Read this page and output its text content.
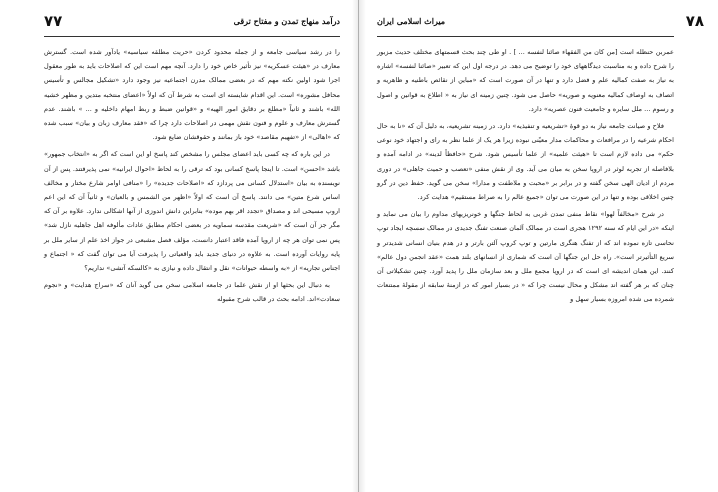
درآمد منهاج تمدن و مفتاح ترقی
۷۷

را در رشد سیاسی جامعه و از جمله محدود کردن «حریت مطلقه سیاسیه» یادآور شده است. گسترش معارف در «هیئت عسکریه» نیز تأثیر خاص خود را دارد. آنچه مهم است این که اصلاحات باید به طور معقول اجرا شود اولین نکته مهم که در بعضی ممالک مدرن اجتماعیه نیز وجود دارد «تشکیل مجالس و تأسیس محافل مشوره» است. این اقدام شایسته ای است به شرط آن که اولاً «اعضای منتخبه متدین و مظهر خشیه الله» باشند و ثانیاً «مطلع بر دقایق امور الهیه» و «قوانین ضبط و ربط امهام داخلیه و ... » باشند. عدم گسترش معارف و علوم و فنون نقش مهمی در اصلاحات دارد چرا که «فقد معارف زبان و بیان» سبب شده که «اهالی» از «تفهیم مقاصد» خود باز بمانند و حقوقشان ضایع شود.

در این باره که چه کسی باید اعضای مجلس را مشخص کند پاسخ او این است که اگر به «انتخاب جمهور» باشد «احسن» است. تا اینجا پاسخ کسانی بود که ترقی را به لحاظ «احوال ایرانیه» نمی پذیرفتند. پس از آن نویسنده به بیان «استدلال کسانی می پردازد که «اصلاحات جدیده» را «منافی اوامر شارع مختار و مخالف اساس شرع متین» می دانند. پاسخ آن است که اولاً «اظهر من الشمس و بالعیان» و ثانیاً آن که این اعم اروپ مسیحی اند و مصداق «تجدد اقر بهم موده» بنابراین دانش اندوزی از آنها اشکالی ندارد. علاوه بر آن که مگر جز آن است که «شریعت مقدسه سماویه در بعضی احکام مطابق عادات مألوفه اهل جاهلیه نازل شد» پس نمی توان هر چه از اروپا آمده فاقد اعتبار دانست، مؤلف فصل مشبعی در جواز اخذ علم از سایر ملل بر پایه روایات آورده است. به علاوه در دنیای جدید باید واقعیاتی را پذیرفت آیا می توان گفت که « اجتماع و اجناس تجاریه» از «به واسطه حیوانات» نقل و انتقال داده و نیازی به «کالسکه آتشی» نداریم؟

به دنبال این بحثها او از نقش علما در جامعه اسلامی سخن می گوید آنان که «سراج هدایت» و «نجوم سعادت»اند. ادامه بحث در قالب شرح مقبوله

میراث اسلامی ایران	۷۸

عمربن حنظله است [من کان من الفقهاء صائنا لنفسه ... ] . او طی چند بحث قسمتهای مختلف حدیث مزبور را شرح داده و به مناسبت دیدگاههای خود را توضیح می دهد. در درجه اول این که تعبیر «صائنا لنفسه» اشاره به نیاز به صفت کمالیه علم و فضل دارد و تنها در آن صورت است که «مباین از نقائص باطنیه و ظاهریه و اتصاف به اوصاف کمالیه معنویه و صوریه» حاصل می شود. چنین زمینه ای نیاز به « اطلاع به قوانین و اصول و رسوم ... ملل سایره و جامعیت فنون عصریه» دارد.

فلاح و صیانت جامعه نیاز به دو قوۀ «تشریعیه و تنفیذیه» دارد. در زمینه تشریعیه، به دلیل آن که «نا به حال احکام شرعیه را در مرافعات و محاکمات مدار معیّنی نبوده زیرا هر یک از علما نظر به رای و اجتهاد خود نوعی حکم» می داده لازم است تا «هیئت علمیه» از علما تأسیس شود. شرح «حافظاً لدینه» در ادامه آمده و بلافاصله از تجربه لوثر در اروپا سخن به میان می آید. وی از نقش منفی «تعصب و حمیت جاهلی» در دوری مردم از ادیان الهی سخن گفته و در برابر بر «محبت و ملاطفت و مدارا» سخن می گوید. حفظ دین در گرو چنین اخلاقی بوده و تنها در این صورت می توان «جمیع عالم را به صراط مستقیم» هدایت کرد.

در شرح «مخالفاً لهوا» نقاط منفی تمدن غربی به لحاظ جنگها و خونریزیهای مداوم را بیان می نماید و اینکه «در این ایام که سنه ۱۲۹۲ هجری است در ممالک آلمان صنعت تفنگ جدیدی در ممالک نمسچه ایجاد توپ نحاسی تازه نموده اند که از تفنگ هنگری مارتین و توپ کروپ آلتن بارتر و در هدم بنیان انسانی شدیدتر و سریع التأثیرتر است». راه حل این جنگها آن است که شماری از انسانهای بلند همت «عقد انجمن دول عالم» کنند. این همان اندیشه ای است که در اروپا مجمع ملل و بعد سازمان ملل را پدید آورد. چنین تشکیلاتی آن چنان که بر هر گفته اند مشکل و محال نیست چرا که « در بسیار امور که در ازمنۀ سابقه از مقولۀ ممتنعات شمرده می شده امروزه بسیار سهل و
